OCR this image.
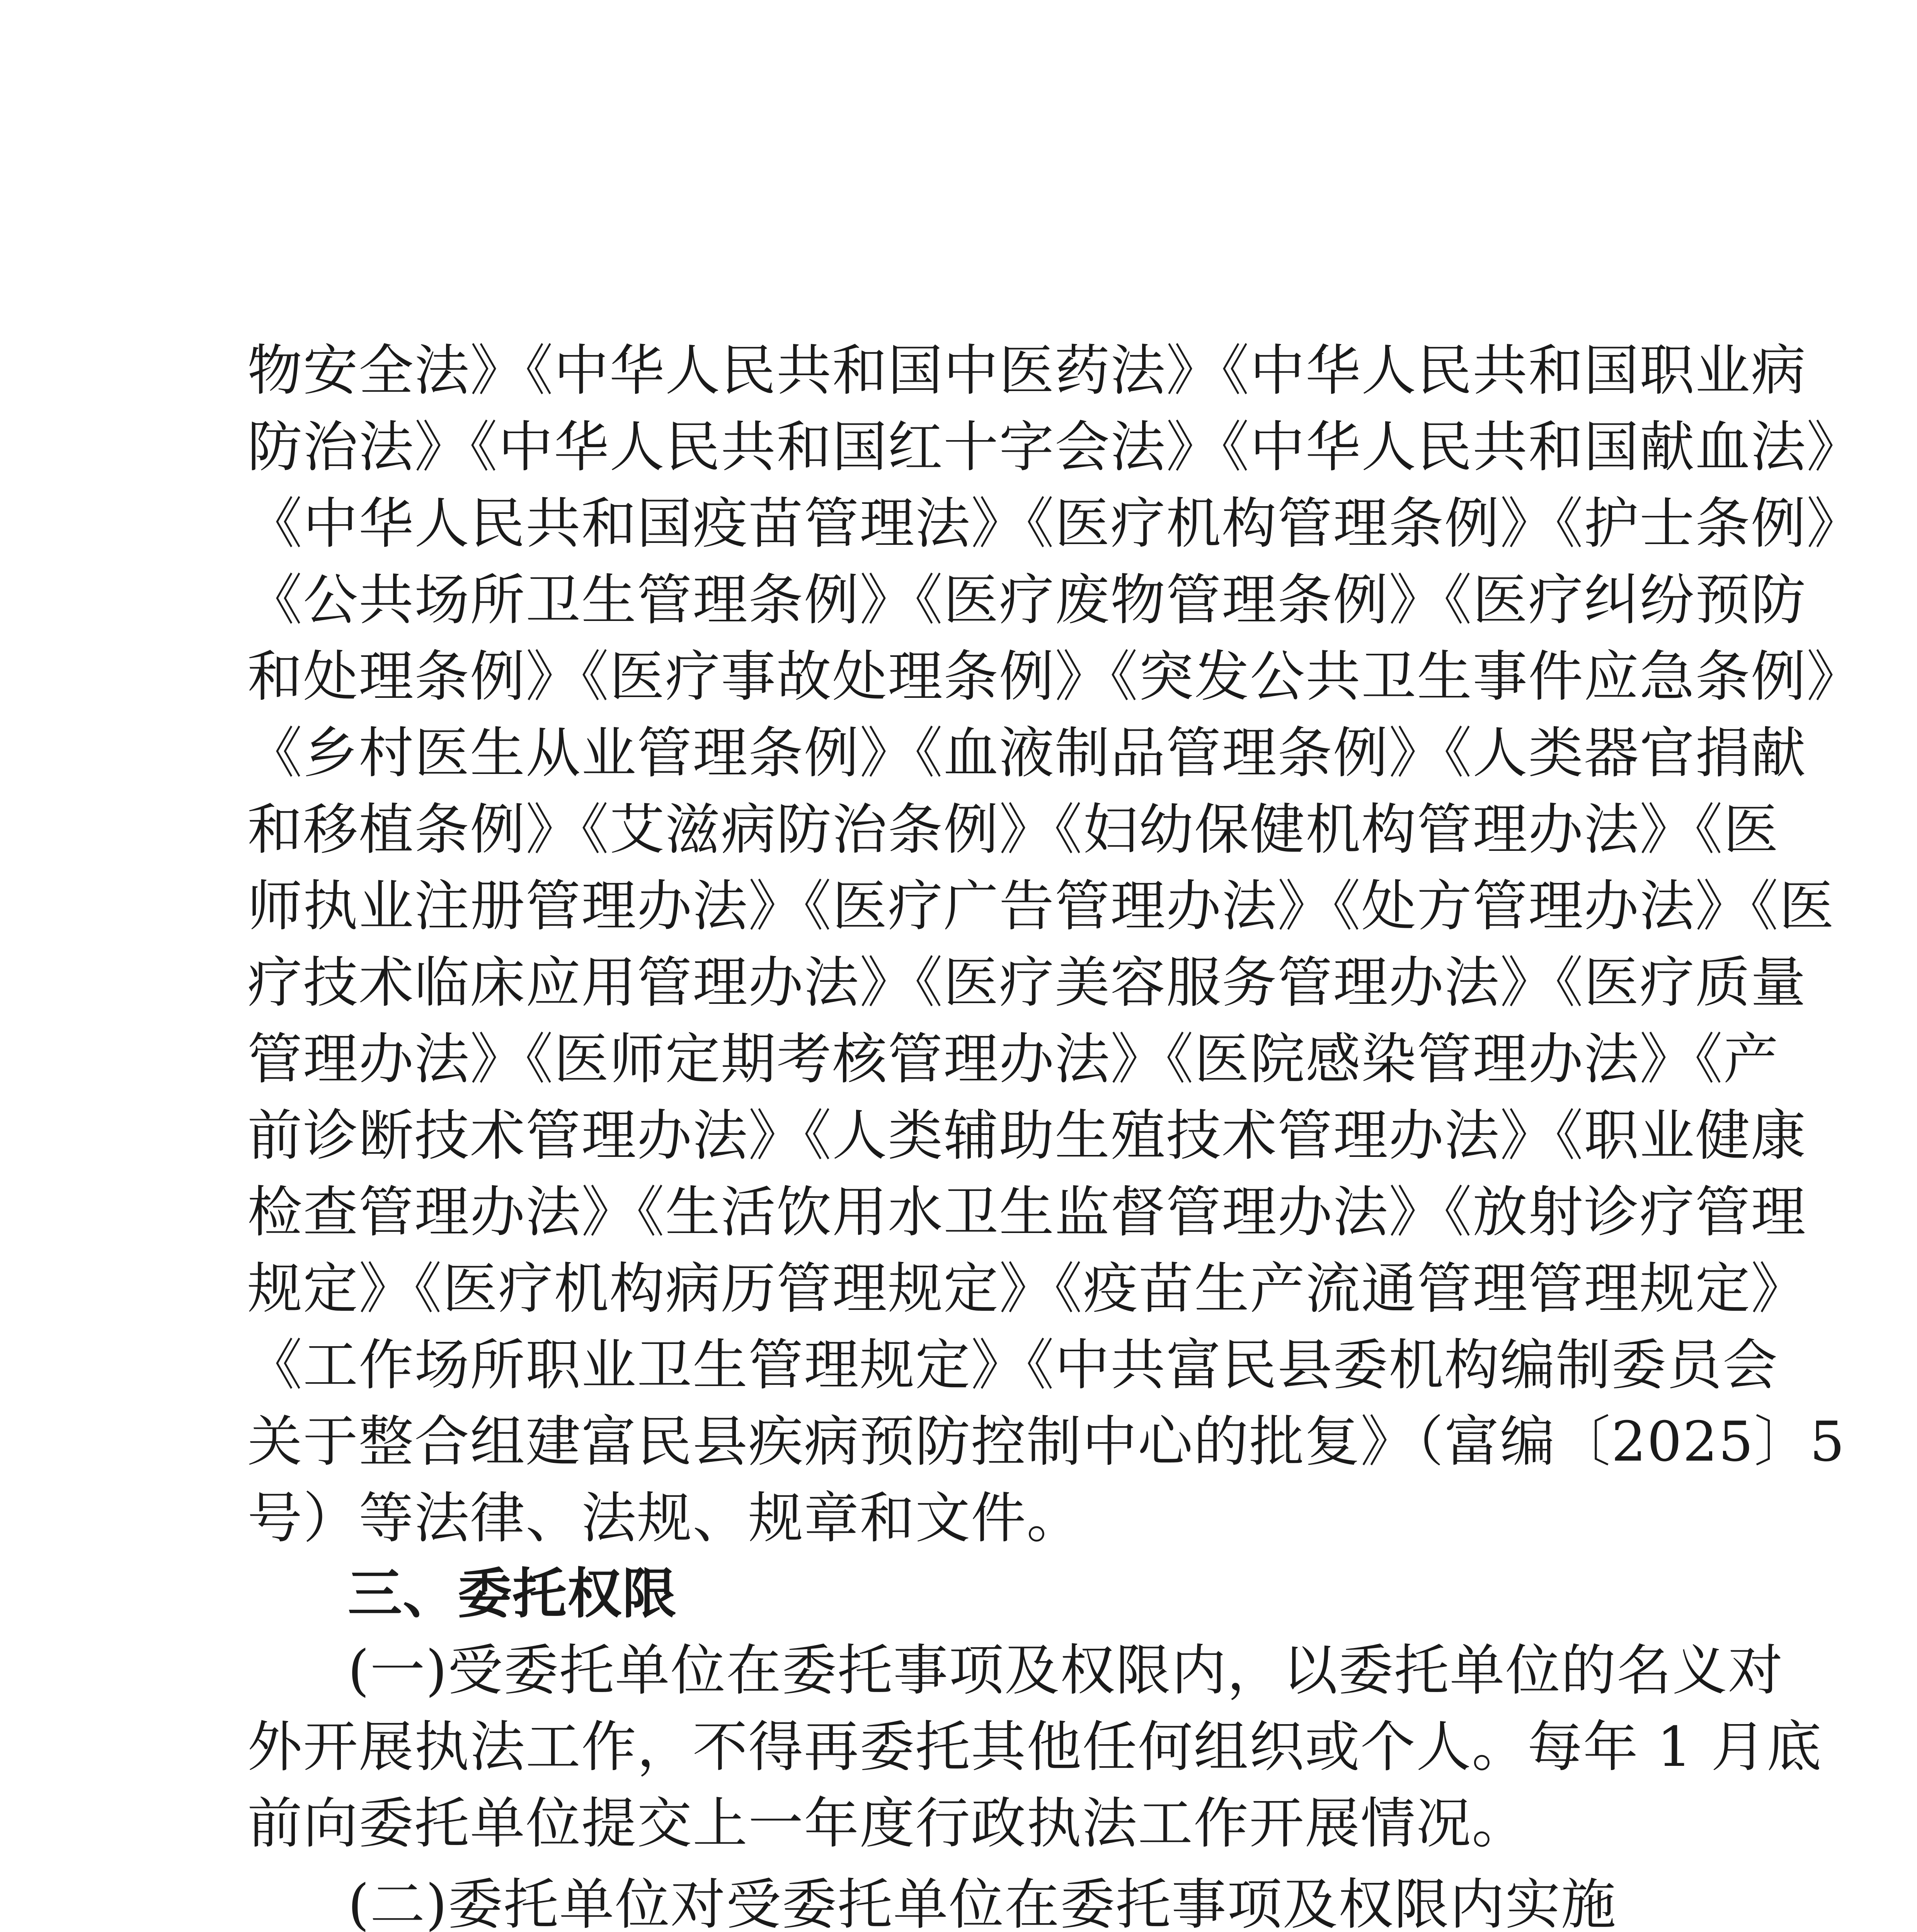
物安全法》《中华人民共和国中医药法》《中华人民共和国职业病
防治法》《中华人民共和国红十字会法》《中华人民共和国献血法》
《中华人民共和国疫苗管理法》《医疗机构管理条例》《护士条例》
《公共场所卫生管理条例》《医疗废物管理条例》《医疗纠纷预防
和处理条例》《医疗事故处理条例》《突发公共卫生事件应急条例》
《乡村医生从业管理条例》《血液制品管理条例》《人类器官捐献
和移植条例》《艾滋病防治条例》《妇幼保健机构管理办法》《医
师执业注册管理办法》《医疗广告管理办法》《处方管理办法》《医
疗技术临床应用管理办法》《医疗美容服务管理办法》《医疗质量
管理办法》《医师定期考核管理办法》《医院感染管理办法》《产
前诊断技术管理办法》《人类辅助生殖技术管理办法》《职业健康
检查管理办法》《生活饮用水卫生监督管理办法》《放射诊疗管理
规定》《医疗机构病历管理规定》《疫苗生产流通管理管理规定》
《工作场所职业卫生管理规定》《中共富民县委机构编制委员会
关于整合组建富民县疾病预防控制中心的批复》（富编〔2025〕5
号）等法律、法规、规章和文件。
三、委托权限
(一)受委托单位在委托事项及权限内，以委托单位的名义对
外开展执法工作，不得再委托其他任何组织或个人。每年 1 月底
前向委托单位提交上一年度行政执法工作开展情况。
(二)委托单位对受委托单位在委托事项及权限内实施
